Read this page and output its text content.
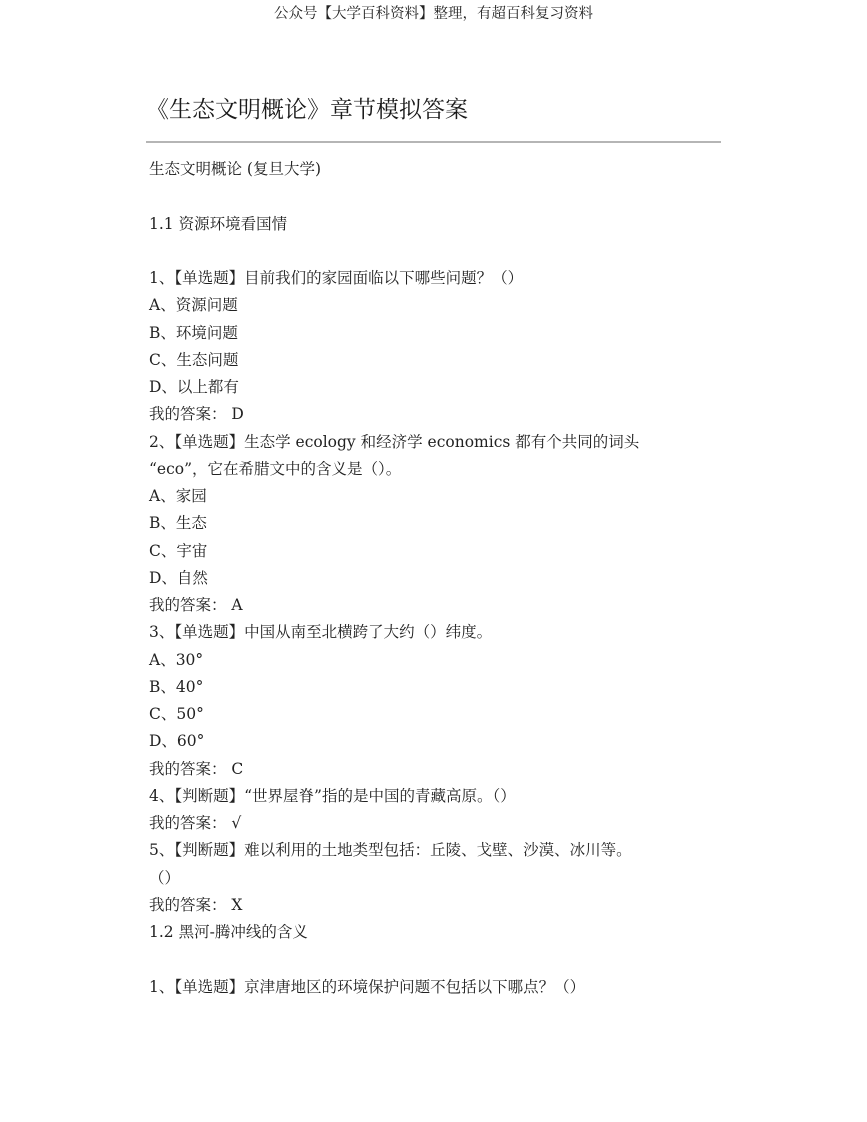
公众号【大学百科资料】整理，有超百科复习资料
《生态文明概论》章节模拟答案
生态文明概论 (复旦大学)
1.1 资源环境看国情
1、【单选题】目前我们的家园面临以下哪些问题？（）
A、资源问题
B、环境问题
C、生态问题
D、以上都有
我的答案： D
2、【单选题】生态学 ecology 和经济学 economics 都有个共同的词头
“eco”，它在希腊文中的含义是（）。
A、家园
B、生态
C、宇宙
D、自然
我的答案： A
3、【单选题】中国从南至北横跨了大约（）纬度。
A、30°
B、40°
C、50°
D、60°
我的答案： C
4、【判断题】“世界屋脊”指的是中国的青藏高原。（）
我的答案： √
5、【判断题】难以利用的土地类型包括：丘陵、戈壁、沙漠、冰川等。
（）
我的答案： X
1.2 黑河-腾冲线的含义
1、【单选题】京津唐地区的环境保护问题不包括以下哪点？（）
